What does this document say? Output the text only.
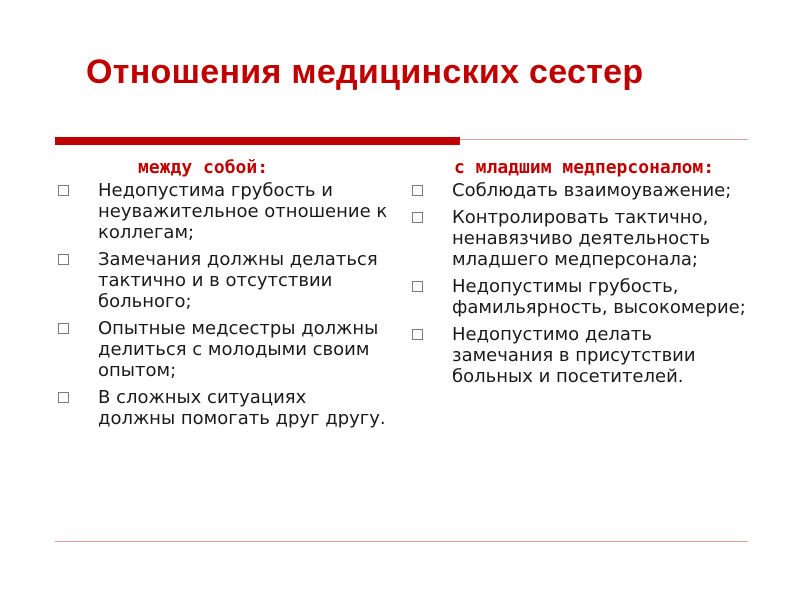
Отношения медицинских сестер
между собой:
Недопустима грубость и неуважительное отношение к коллегам;
Замечания должны делаться тактично и в отсутствии больного;
Опытные медсестры должны делиться с молодыми своим опытом;
В сложных ситуациях должны помогать друг другу.
с младшим медперсоналом:
Соблюдать взаимоуважение;
Контролировать тактично, ненавязчиво деятельность младшего медперсонала;
Недопустимы грубость, фамильярность, высокомерие;
Недопустимо делать замечания в присутствии больных и посетителей.
